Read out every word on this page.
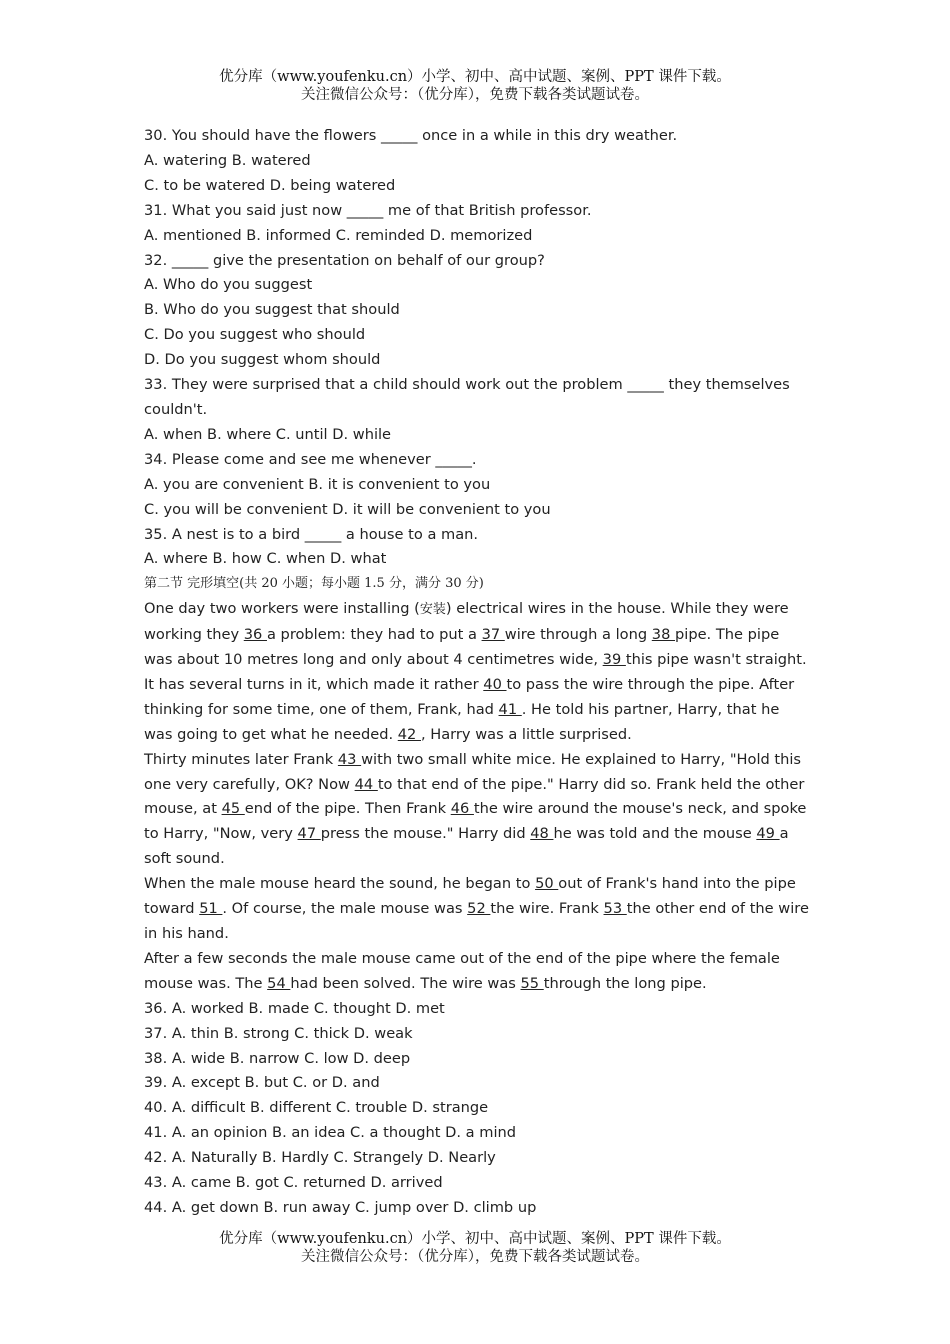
优分库（www.youfenku.cn）小学、初中、高中试题、案例、PPT 课件下载。
关注微信公众号：（优分库），免费下载各类试题试卷。
30. You should have the flowers _____ once in a while in this dry weather.
A. watering B. watered
C. to be watered D. being watered
31. What you said just now _____ me of that British professor.
A. mentioned B. informed C. reminded D. memorized
32. _____ give the presentation on behalf of our group?
A. Who do you suggest
B. Who do you suggest that should
C. Do you suggest who should
D. Do you suggest whom should
33. They were surprised that a child should work out the problem _____ they themselves
couldn't.
A. when B. where C. until D. while
34. Please come and see me whenever _____.
A. you are convenient B. it is convenient to you
C. you will be convenient D. it will be convenient to you
35. A nest is to a bird _____ a house to a man.
A. where B. how C. when D. what
第二节 完形填空(共 20 小题；每小题 1.5 分，满分 30 分)
One day two workers were installing (安装) electrical wires in the house. While they were working they 36 a problem: they had to put a 37 wire through a long 38 pipe. The pipe was about 10 metres long and only about 4 centimetres wide, 39 this pipe wasn't straight. It has several turns in it, which made it rather 40 to pass the wire through the pipe. After thinking for some time, one of them, Frank, had 41 . He told his partner, Harry, that he was going to get what he needed. 42 , Harry was a little surprised.
Thirty minutes later Frank 43 with two small white mice. He explained to Harry, "Hold this one very carefully, OK? Now 44 to that end of the pipe." Harry did so. Frank held the other mouse, at 45 end of the pipe. Then Frank 46 the wire around the mouse's neck, and spoke to Harry, "Now, very 47 press the mouse." Harry did 48 he was told and the mouse 49 a soft sound.
When the male mouse heard the sound, he began to 50 out of Frank's hand into the pipe toward 51 . Of course, the male mouse was 52 the wire. Frank 53 the other end of the wire in his hand.
After a few seconds the male mouse came out of the end of the pipe where the female mouse was. The 54 had been solved. The wire was 55 through the long pipe.
36. A. worked B. made C. thought D. met
37. A. thin B. strong C. thick D. weak
38. A. wide B. narrow C. low D. deep
39. A. except B. but C. or D. and
40. A. difficult B. different C. trouble D. strange
41. A. an opinion B. an idea C. a thought D. a mind
42. A. Naturally B. Hardly C. Strangely D. Nearly
43. A. came B. got C. returned D. arrived
44. A. get down B. run away C. jump over D. climb up
优分库（www.youfenku.cn）小学、初中、高中试题、案例、PPT 课件下载。
关注微信公众号：（优分库），免费下载各类试题试卷。
